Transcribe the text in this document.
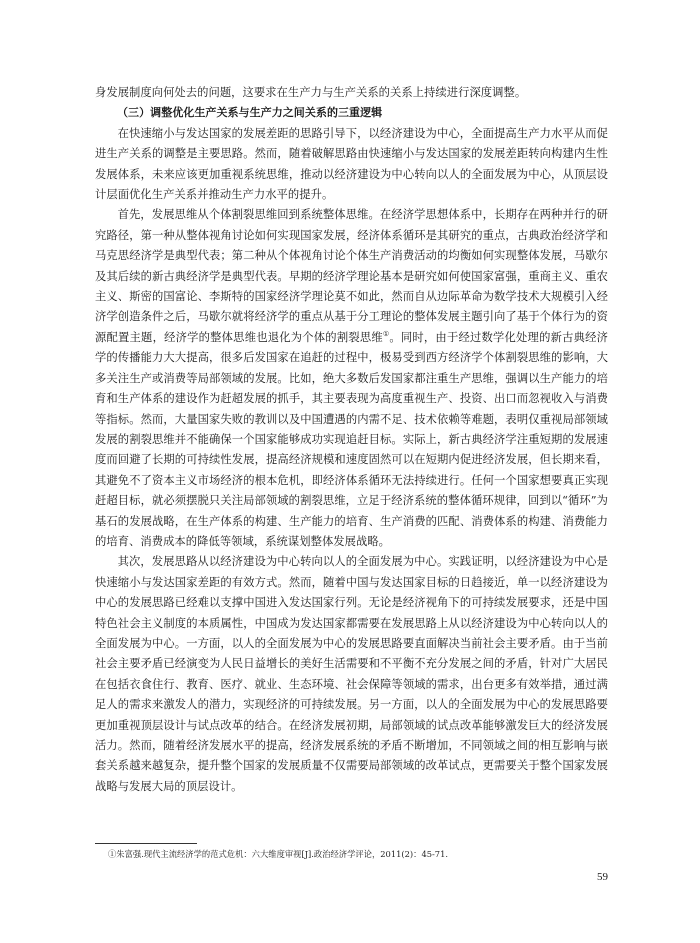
身发展制度向何处去的问题，这要求在生产力与生产关系的关系上持续进行深度调整。

（三）调整优化生产关系与生产力之间关系的三重逻辑

在快速缩小与发达国家的发展差距的思路引导下，以经济建设为中心，全面提高生产力水平从而促进生产关系的调整是主要思路。然而，随着破解思路由快速缩小与发达国家的发展差距转向构建内生性发展体系，未来应该更加重视系统思维，推动以经济建设为中心转向以人的全面发展为中心，从顶层设计层面优化生产关系并推动生产力水平的提升。

首先，发展思维从个体割裂思维回到系统整体思维。在经济学思想体系中，长期存在两种并行的研究路径，第一种从整体视角讨论如何实现国家发展，经济体系循环是其研究的重点，古典政治经济学和马克思经济学是典型代表；第二种从个体视角讨论个体生产消费活动的均衡如何实现整体发展，马歇尔及其后续的新古典经济学是典型代表。早期的经济学理论基本是研究如何使国家富强，重商主义、重农主义、斯密的国富论、李斯特的国家经济学理论莫不如此，然而自从边际革命为数学技术大规模引入经济学创造条件之后，马歇尔就将经济学的重点从基于分工理论的整体发展主题引向了基于个体行为的资源配置主题，经济学的整体思维也退化为个体的割裂思维①。同时，由于经过数学化处理的新古典经济学的传播能力大大提高，很多后发国家在追赶的过程中，极易受到西方经济学个体割裂思维的影响，大多关注生产或消费等局部领域的发展。比如，绝大多数后发国家都注重生产思维，强调以生产能力的培育和生产体系的建设作为赶超发展的抓手，其主要表现为高度重视生产、投资、出口而忽视收入与消费等指标。然而，大量国家失败的教训以及中国遭遇的内需不足、技术依赖等难题，表明仅重视局部领域发展的割裂思维并不能确保一个国家能够成功实现追赶目标。实际上，新古典经济学注重短期的发展速度而回避了长期的可持续性发展，提高经济规模和速度固然可以在短期内促进经济发展，但长期来看，其避免不了资本主义市场经济的根本危机，即经济体系循环无法持续进行。任何一个国家想要真正实现赶超目标，就必须摆脱只关注局部领域的割裂思维，立足于经济系统的整体循环规律，回到以“循环”为基石的发展战略，在生产体系的构建、生产能力的培育、生产消费的匹配、消费体系的构建、消费能力的培育、消费成本的降低等领域，系统谋划整体发展战略。

其次，发展思路从以经济建设为中心转向以人的全面发展为中心。实践证明，以经济建设为中心是快速缩小与发达国家差距的有效方式。然而，随着中国与发达国家目标的日趋接近，单一以经济建设为中心的发展思路已经难以支撑中国进入发达国家行列。无论是经济视角下的可持续发展要求，还是中国特色社会主义制度的本质属性，中国成为发达国家都需要在发展思路上从以经济建设为中心转向以人的全面发展为中心。一方面，以人的全面发展为中心的发展思路要直面解决当前社会主要矛盾。由于当前社会主要矛盾已经演变为人民日益增长的美好生活需要和不平衡不充分发展之间的矛盾，针对广大居民在包括衣食住行、教育、医疗、就业、生态环境、社会保障等领域的需求，出台更多有效举措，通过满足人的需求来激发人的潜力，实现经济的可持续发展。另一方面，以人的全面发展为中心的发展思路要更加重视顶层设计与试点改革的结合。在经济发展初期，局部领域的试点改革能够激发巨大的经济发展活力。然而，随着经济发展水平的提高，经济发展系统的矛盾不断增加，不同领域之间的相互影响与嵌套关系越来越复杂，提升整个国家的发展质量不仅需要局部领域的改革试点，更需要关于整个国家发展战略与发展大局的顶层设计。

①朱富强.现代主流经济学的范式危机：六大维度审视[J].政治经济学评论，2011(2)：45-71.
59
